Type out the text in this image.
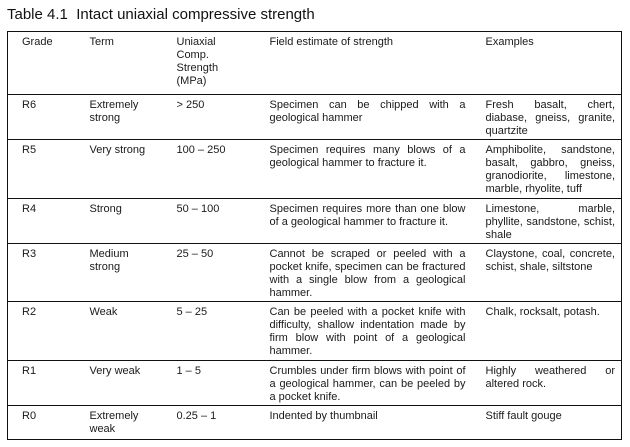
Table 4.1  Intact uniaxial compressive strength
Grade	Term	Uniaxial Comp. Strength (MPa)	Field estimate of strength	Examples
R6	Extremely strong	> 250	Specimen can be chipped with a geological hammer	Fresh basalt, chert, diabase, gneiss, granite, quartzite
R5	Very strong	100 – 250	Specimen requires many blows of a geological hammer to fracture it.	Amphibolite, sandstone, basalt, gabbro, gneiss, granodiorite, limestone, marble, rhyolite, tuff
R4	Strong	50 – 100	Specimen requires more than one blow of a geological hammer to fracture it.	Limestone, marble, phyllite, sandstone, schist, shale
R3	Medium strong	25 – 50	Cannot be scraped or peeled with a pocket knife, specimen can be fractured with a single blow from a geological hammer.	Claystone, coal, concrete, schist, shale, siltstone
R2	Weak	5 – 25	Can be peeled with a pocket knife with difficulty, shallow indentation made by firm blow with point of a geological hammer.	Chalk, rocksalt, potash.
R1	Very weak	1 – 5	Crumbles under firm blows with point of a geological hammer, can be peeled by a pocket knife.	Highly weathered or altered rock.
R0	Extremely weak	0.25 – 1	Indented by thumbnail	Stiff fault gouge
